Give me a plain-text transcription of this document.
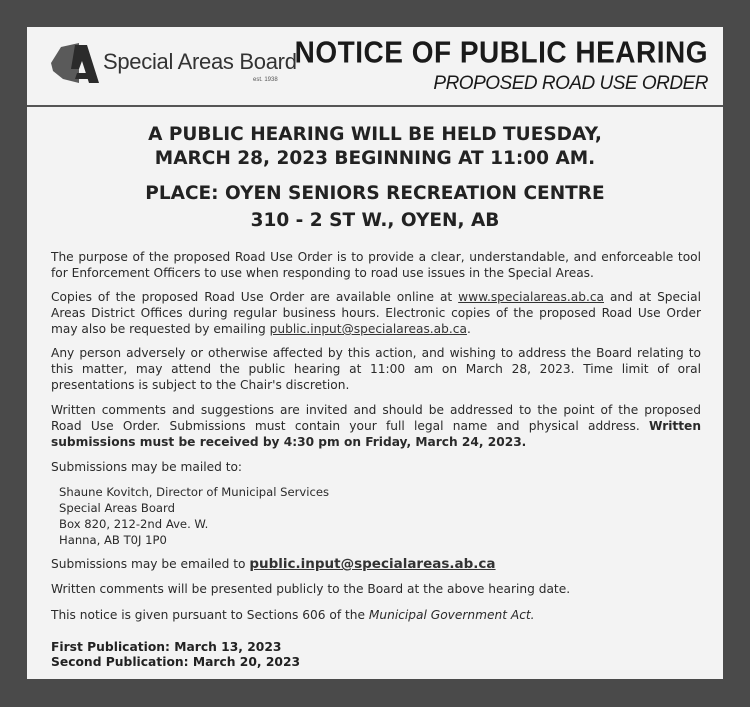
Special Areas Board
est. 1938
NOTICE OF PUBLIC HEARING
PROPOSED ROAD USE ORDER
A PUBLIC HEARING WILL BE HELD TUESDAY,
MARCH 28, 2023 BEGINNING AT 11:00 AM.
PLACE: OYEN SENIORS RECREATION CENTRE
310 - 2 ST W., OYEN, AB

The purpose of the proposed Road Use Order is to provide a clear, understandable, and enforceable tool for Enforcement Officers to use when responding to road use issues in the Special Areas.

Copies of the proposed Road Use Order are available online at www.specialareas.ab.ca and at Special Areas District Offices during regular business hours. Electronic copies of the proposed Road Use Order may also be requested by emailing public.input@specialareas.ab.ca.

Any person adversely or otherwise affected by this action, and wishing to address the Board relating to this matter, may attend the public hearing at 11:00 am on March 28, 2023. Time limit of oral presentations is subject to the Chair's discretion.

Written comments and suggestions are invited and should be addressed to the point of the proposed Road Use Order. Submissions must contain your full legal name and physical address. Written submissions must be received by 4:30 pm on Friday, March 24, 2023.

Submissions may be mailed to:

Shaune Kovitch, Director of Municipal Services
Special Areas Board
Box 820, 212-2nd Ave. W.
Hanna, AB T0J 1P0

Submissions may be emailed to public.input@specialareas.ab.ca

Written comments will be presented publicly to the Board at the above hearing date.

This notice is given pursuant to Sections 606 of the Municipal Government Act.

First Publication: March 13, 2023
Second Publication: March 20, 2023
